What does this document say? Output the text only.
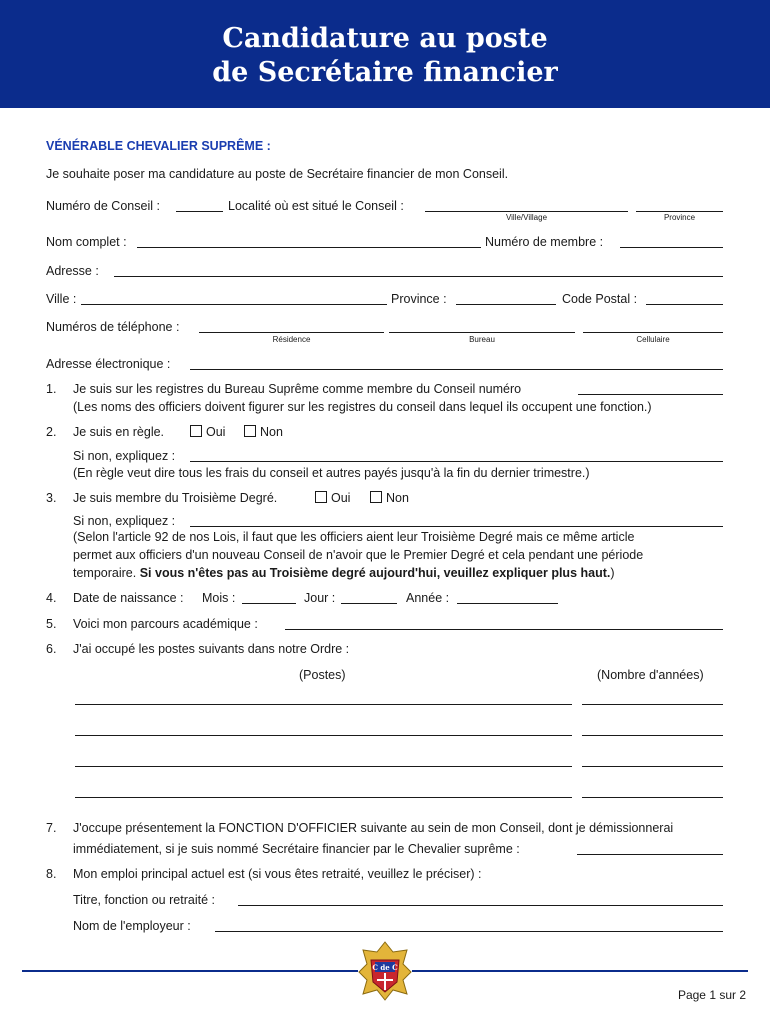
Candidature au poste
de Secrétaire financier
VÉNÉRABLE CHEVALIER SUPRÊME :
Je souhaite poser ma candidature au poste de Secrétaire financier de mon Conseil.
Numéro de Conseil :	Localité où est situé le Conseil :
Ville/Village	Province
Nom complet :	Numéro de membre :
Adresse :
Ville :	Province :	Code Postal :
Numéros de téléphone :
Résidence	Bureau	Cellulaire
Adresse électronique :
1. Je suis sur les registres du Bureau Suprême comme membre du Conseil numéro
(Les noms des officiers doivent figurer sur les registres du conseil dans lequel ils occupent une fonction.)
2. Je suis en règle.	Oui	Non
Si non, expliquez :
(En règle veut dire tous les frais du conseil et autres payés jusqu'à la fin du dernier trimestre.)
3. Je suis membre du Troisième Degré.	Oui	Non
Si non, expliquez :
(Selon l'article 92 de nos Lois, il faut que les officiers aient leur Troisième Degré mais ce même article
permet aux officiers d'un nouveau Conseil de n'avoir que le Premier Degré et cela pendant une période
temporaire. Si vous n'êtes pas au Troisième degré aujourd'hui, veuillez expliquer plus haut.)
4. Date de naissance : Mois :	Jour :	Année :
5. Voici mon parcours académique :
6. J'ai occupé les postes suivants dans notre Ordre :
(Postes)	(Nombre d'années)
7. J'occupe présentement la FONCTION D'OFFICIER suivante au sein de mon Conseil, dont je démissionnerai
immédiatement, si je suis nommé Secrétaire financier par le Chevalier suprême :
8. Mon emploi principal actuel est (si vous êtes retraité, veuillez le préciser) :
Titre, fonction ou retraité :
Nom de l'employeur :
C de C
Page 1 sur 2
